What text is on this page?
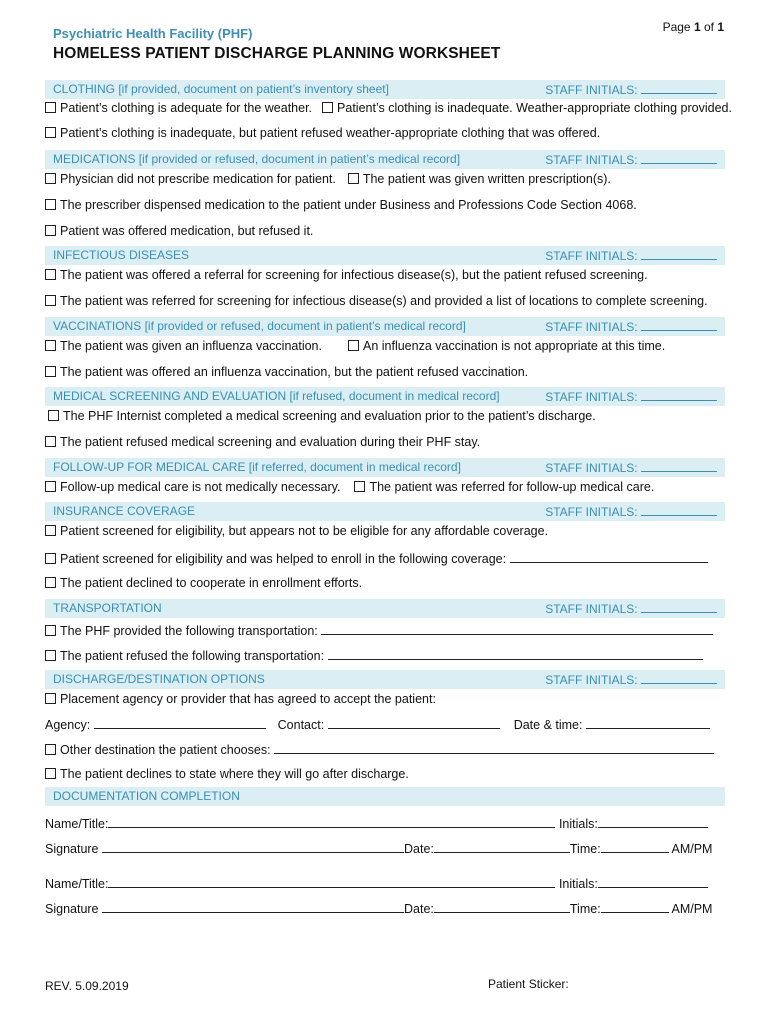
Page 1 of 1
Psychiatric Health Facility (PHF)
HOMELESS PATIENT DISCHARGE PLANNING WORKSHEET
CLOTHING [if provided, document on patient’s inventory sheet]	STAFF INITIALS:
Patient’s clothing is adequate for the weather. Patient’s clothing is inadequate. Weather-appropriate clothing provided.
Patient’s clothing is inadequate, but patient refused weather-appropriate clothing that was offered.
MEDICATIONS [if provided or refused, document in patient’s medical record]	STAFF INITIALS:
Physician did not prescribe medication for patient. The patient was given written prescription(s).
The prescriber dispensed medication to the patient under Business and Professions Code Section 4068.
Patient was offered medication, but refused it.
INFECTIOUS DISEASES	STAFF INITIALS:
The patient was offered a referral for screening for infectious disease(s), but the patient refused screening.
The patient was referred for screening for infectious disease(s) and provided a list of locations to complete screening.
VACCINATIONS [if provided or refused, document in patient’s medical record]	STAFF INITIALS:
The patient was given an influenza vaccination.	An influenza vaccination is not appropriate at this time.
The patient was offered an influenza vaccination, but the patient refused vaccination.
MEDICAL SCREENING AND EVALUATION [if refused, document in medical record]	STAFF INITIALS:
The PHF Internist completed a medical screening and evaluation prior to the patient’s discharge.
The patient refused medical screening and evaluation during their PHF stay.
FOLLOW-UP FOR MEDICAL CARE [if referred, document in medical record]	STAFF INITIALS:
Follow-up medical care is not medically necessary. The patient was referred for follow-up medical care.
INSURANCE COVERAGE	STAFF INITIALS:
Patient screened for eligibility, but appears not to be eligible for any affordable coverage.
Patient screened for eligibility and was helped to enroll in the following coverage:
The patient declined to cooperate in enrollment efforts.
TRANSPORTATION	STAFF INITIALS:
The PHF provided the following transportation:
The patient refused the following transportation:
DISCHARGE/DESTINATION OPTIONS	STAFF INITIALS:
Placement agency or provider that has agreed to accept the patient:
Agency:	Contact:	Date & time:
Other destination the patient chooses:
The patient declines to state where they will go after discharge.
DOCUMENTATION COMPLETION
Name/Title:	Initials:
Signature	Date:	Time:	AM/PM
Name/Title:	Initials:
Signature	Date:	Time:	AM/PM
REV. 5.09.2019	Patient Sticker:
